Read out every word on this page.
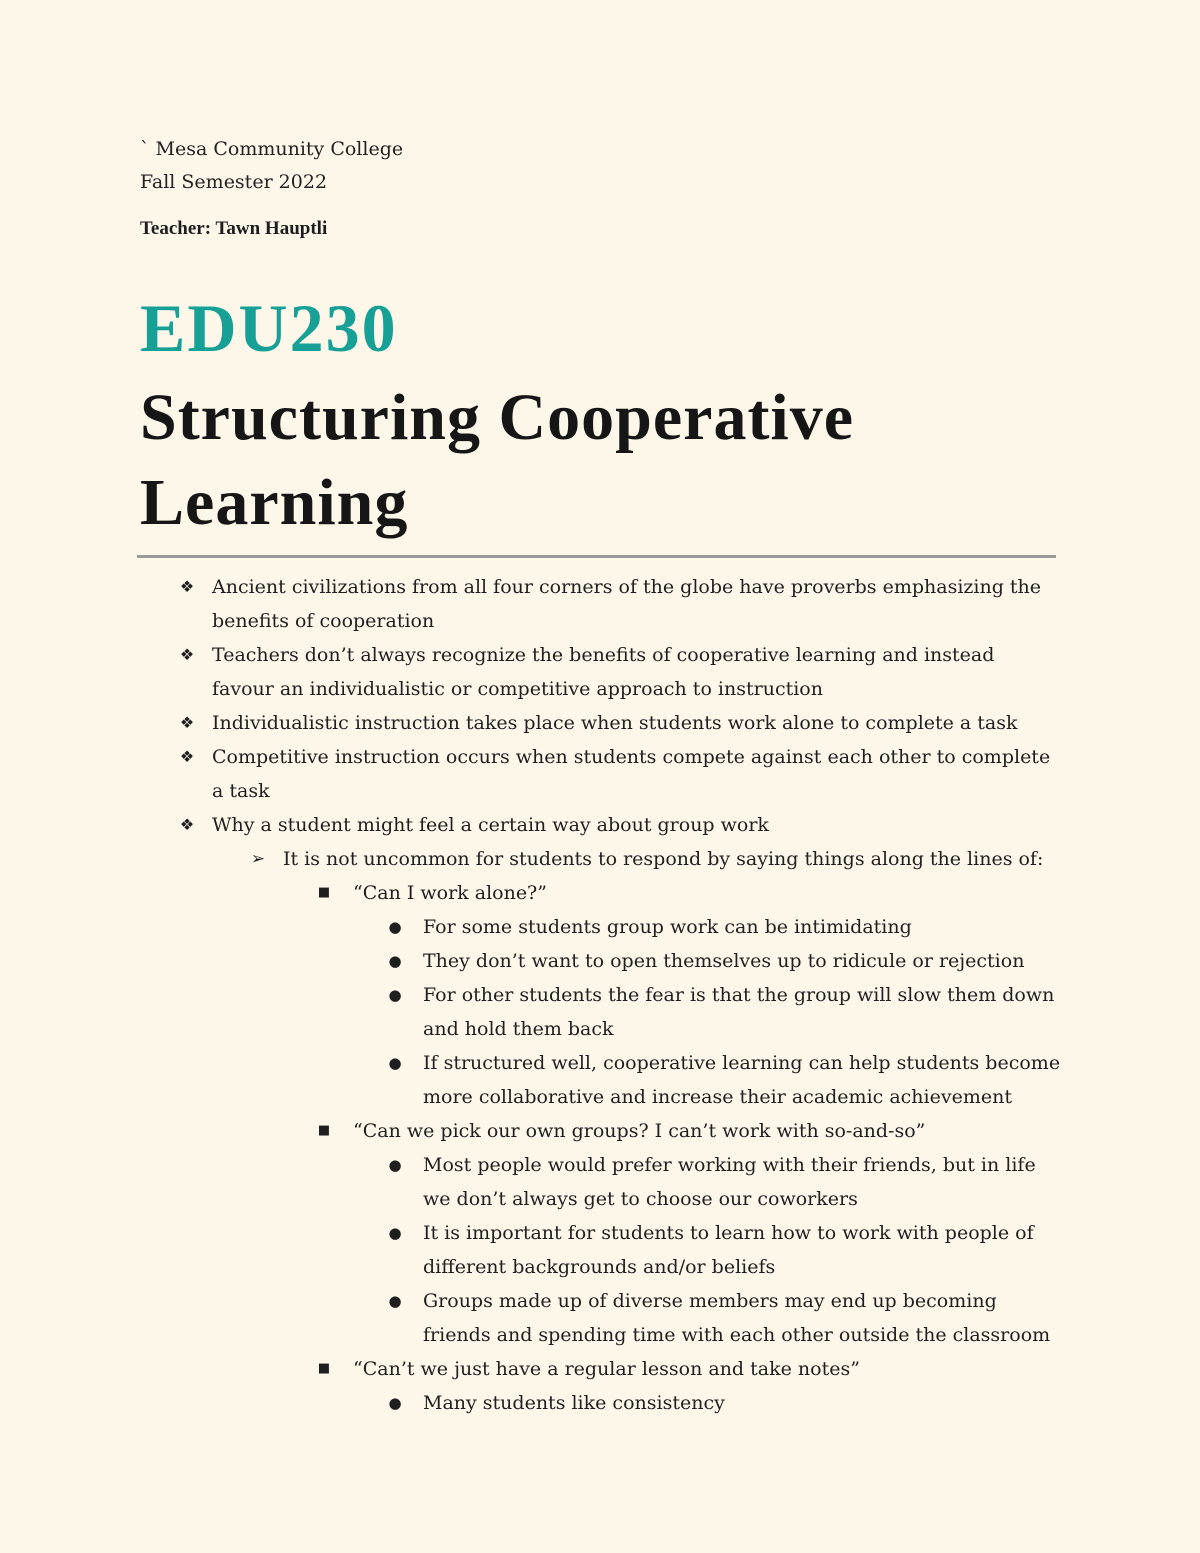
` Mesa Community College
Fall Semester 2022
Teacher: Tawn Hauptli
EDU230
Structuring Cooperative
Learning
❖ Ancient civilizations from all four corners of the globe have proverbs emphasizing the benefits of cooperation
❖ Teachers don’t always recognize the benefits of cooperative learning and instead favour an individualistic or competitive approach to instruction
❖ Individualistic instruction takes place when students work alone to complete a task
❖ Competitive instruction occurs when students compete against each other to complete a task
❖ Why a student might feel a certain way about group work
➢ It is not uncommon for students to respond by saying things along the lines of:
■	“Can I work alone?”
● For some students group work can be intimidating
● They don’t want to open themselves up to ridicule or rejection
● For other students the fear is that the group will slow them down and hold them back
● If structured well, cooperative learning can help students become more collaborative and increase their academic achievement
■	“Can we pick our own groups? I can’t work with so-and-so”
● Most people would prefer working with their friends, but in life we don’t always get to choose our coworkers
● It is important for students to learn how to work with people of different backgrounds and/or beliefs
● Groups made up of diverse members may end up becoming friends and spending time with each other outside the classroom
■	“Can’t we just have a regular lesson and take notes”
● Many students like consistency
